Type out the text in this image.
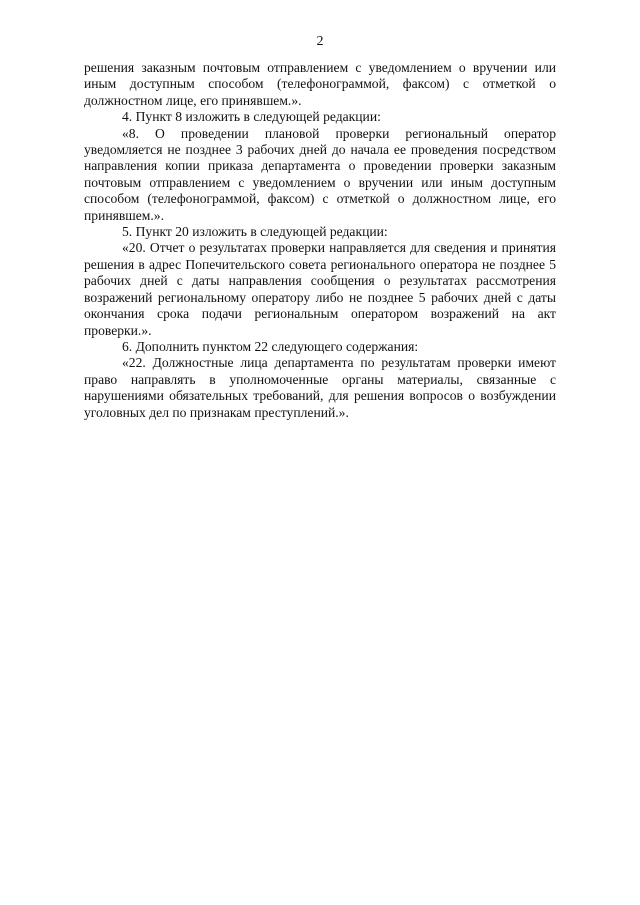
2

решения заказным почтовым отправлением с уведомлением о вручении или иным доступным способом (телефонограммой, факсом) с отметкой о должностном лице, его принявшем.».

4. Пункт 8 изложить в следующей редакции:

«8. О проведении плановой проверки региональный оператор уведомляется не позднее 3 рабочих дней до начала ее проведения посредством направления копии приказа департамента о проведении проверки заказным почтовым отправлением с уведомлением о вручении или иным доступным способом (телефонограммой, факсом) с отметкой о должностном лице, его принявшем.».

5. Пункт 20 изложить в следующей редакции:

«20. Отчет о результатах проверки направляется для сведения и принятия решения в адрес Попечительского совета регионального оператора не позднее 5 рабочих дней с даты направления сообщения о результатах рассмотрения возражений региональному оператору либо не позднее 5 рабочих дней с даты окончания срока подачи региональным оператором возражений на акт проверки.».

6. Дополнить пунктом 22 следующего содержания:

«22. Должностные лица департамента по результатам проверки имеют право направлять в уполномоченные органы материалы, связанные с нарушениями обязательных требований, для решения вопросов о возбуждении уголовных дел по признакам преступлений.».
